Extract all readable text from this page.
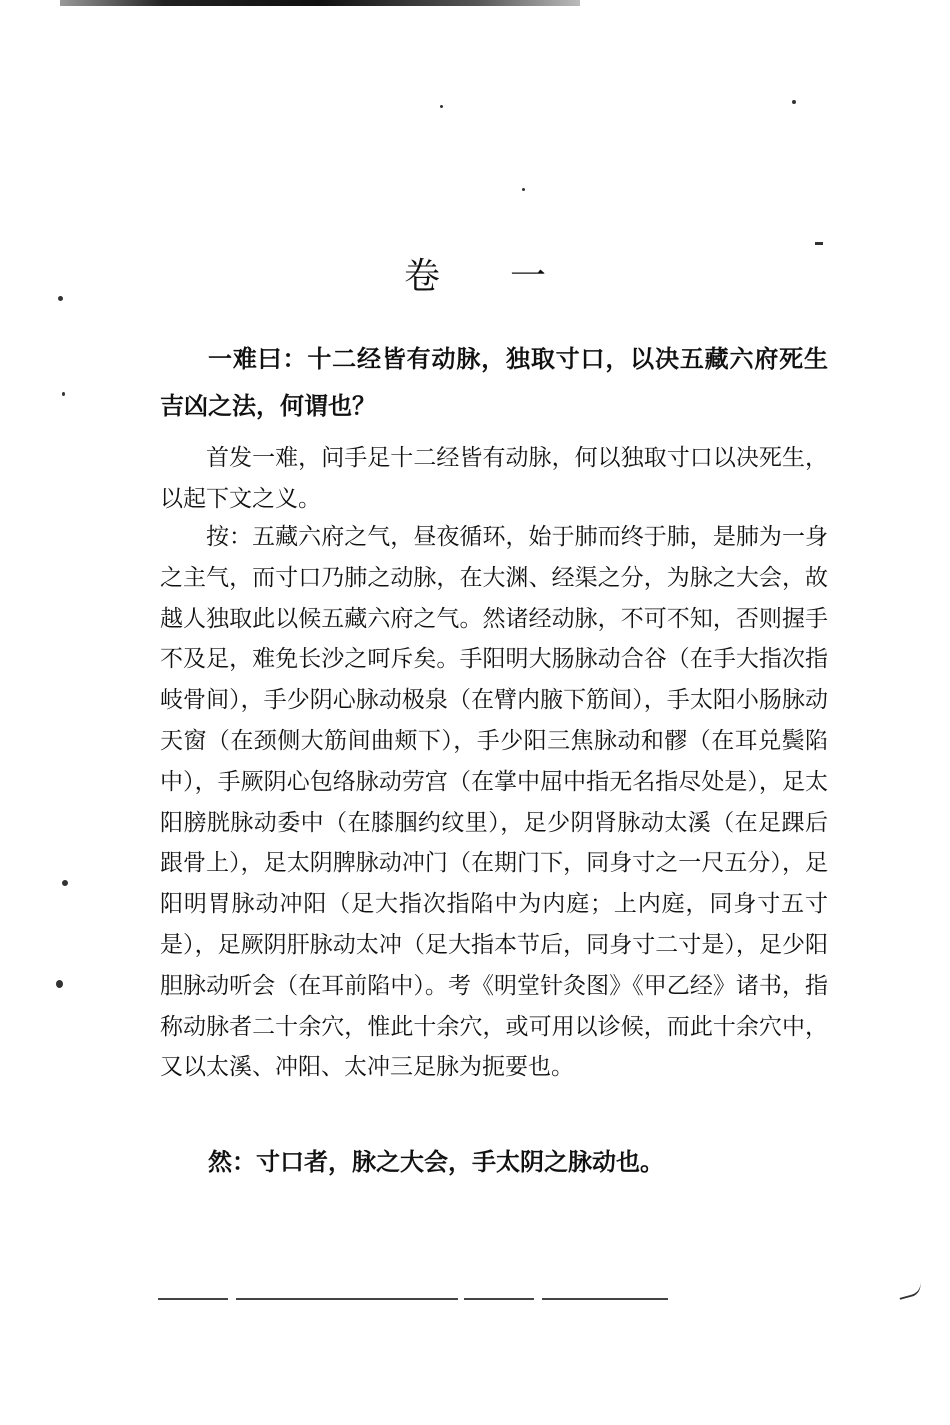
卷一

一难曰：十二经皆有动脉，独取寸口，以决五藏六府死生吉凶之法，何谓也？

首发一难，问手足十二经皆有动脉，何以独取寸口以决死生，以起下文之义。

按：五藏六府之气，昼夜循环，始于肺而终于肺，是肺为一身之主气，而寸口乃肺之动脉，在大渊、经渠之分，为脉之大会，故越人独取此以候五藏六府之气。然诸经动脉，不可不知，否则握手不及足，难免长沙之呵斥矣。手阳明大肠脉动合谷（在手大指次指岐骨间），手少阴心脉动极泉（在臂内腋下筋间），手太阳小肠脉动天窗（在颈侧大筋间曲颊下），手少阳三焦脉动和髎（在耳兑鬓陷中），手厥阴心包络脉动劳宫（在掌中屈中指无名指尽处是），足太阳膀胱脉动委中（在膝腘约纹里），足少阴肾脉动太溪（在足踝后跟骨上），足太阴脾脉动冲门（在期门下，同身寸之一尺五分），足阳明胃脉动冲阳（足大指次指陷中为内庭；上内庭，同身寸五寸是），足厥阴肝脉动太冲（足大指本节后，同身寸二寸是），足少阳胆脉动听会（在耳前陷中）。考《明堂针灸图》《甲乙经》诸书，指称动脉者二十余穴，惟此十余穴，或可用以诊候，而此十余穴中，又以太溪、冲阳、太冲三足脉为扼要也。

然：寸口者，脉之大会，手太阴之脉动也。
